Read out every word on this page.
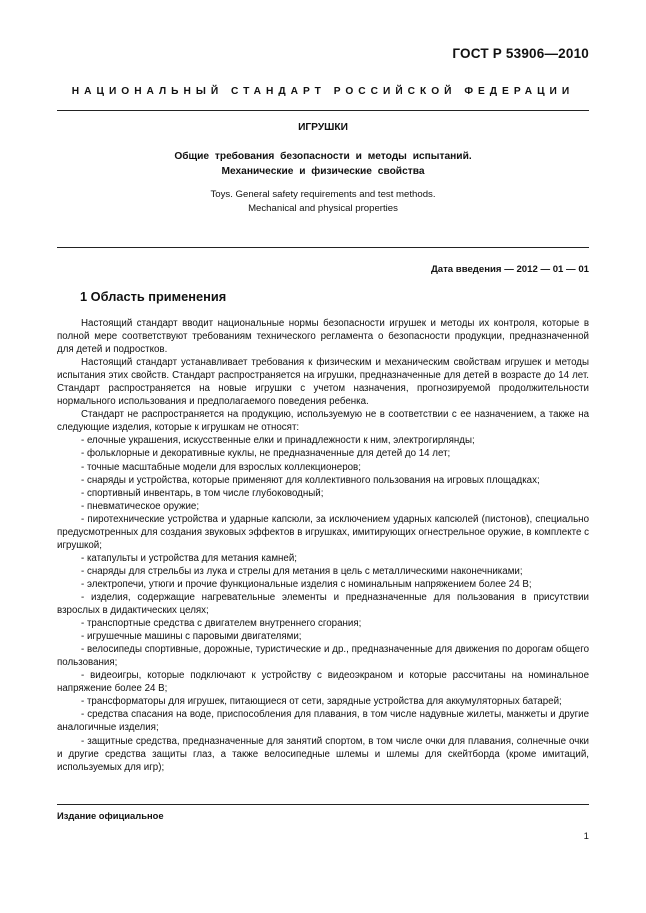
ГОСТ Р 53906—2010
НАЦИОНАЛЬНЫЙ СТАНДАРТ РОССИЙСКОЙ ФЕДЕРАЦИИ
ИГРУШКИ
Общие требования безопасности и методы испытаний.
Механические и физические свойства
Toys. General safety requirements and test methods.
Mechanical and physical properties
Дата введения — 2012 — 01 — 01
1 Область применения

Настоящий стандарт вводит национальные нормы безопасности игрушек и методы их контроля, которые в полной мере соответствуют требованиям технического регламента о безопасности продукции, предназначенной для детей и подростков.

Настоящий стандарт устанавливает требования к физическим и механическим свойствам игрушек и методы испытания этих свойств. Стандарт распространяется на игрушки, предназначенные для детей в возрасте до 14 лет. Стандарт распространяется на новые игрушки с учетом назначения, прогнозируемой продолжительности нормального использования и предполагаемого поведения ребенка.

Стандарт не распространяется на продукцию, используемую не в соответствии с ее назначением, а также на следующие изделия, которые к игрушкам не относят:

- елочные украшения, искусственные елки и принадлежности к ним, электрогирлянды;

- фольклорные и декоративные куклы, не предназначенные для детей до 14 лет;

- точные масштабные модели для взрослых коллекционеров;

- снаряды и устройства, которые применяют для коллективного пользования на игровых площадках;

- спортивный инвентарь, в том числе глубоководный;

- пневматическое оружие;

- пиротехнические устройства и ударные капсюли, за исключением ударных капсюлей (пистонов), специально предусмотренных для создания звуковых эффектов в игрушках, имитирующих огнестрельное оружие, в комплекте с игрушкой;

- катапульты и устройства для метания камней;

- снаряды для стрельбы из лука и стрелы для метания в цель с металлическими наконечниками;

- электропечи, утюги и прочие функциональные изделия с номинальным напряжением более 24 В;

- изделия, содержащие нагревательные элементы и предназначенные для пользования в присутствии взрослых в дидактических целях;

- транспортные средства с двигателем внутреннего сгорания;

- игрушечные машины с паровыми двигателями;

- велосипеды спортивные, дорожные, туристические и др., предназначенные для движения по дорогам общего пользования;

- видеоигры, которые подключают к устройству с видеоэкраном и которые рассчитаны на номинальное напряжение более 24 В;

- трансформаторы для игрушек, питающиеся от сети, зарядные устройства для аккумуляторных батарей;

- средства спасания на воде, приспособления для плавания, в том числе надувные жилеты, манжеты и другие аналогичные изделия;

- защитные средства, предназначенные для занятий спортом, в том числе очки для плавания, солнечные очки и другие средства защиты глаз, а также велосипедные шлемы и шлемы для скейтборда (кроме имитаций, используемых для игр);

Издание официальное
1
